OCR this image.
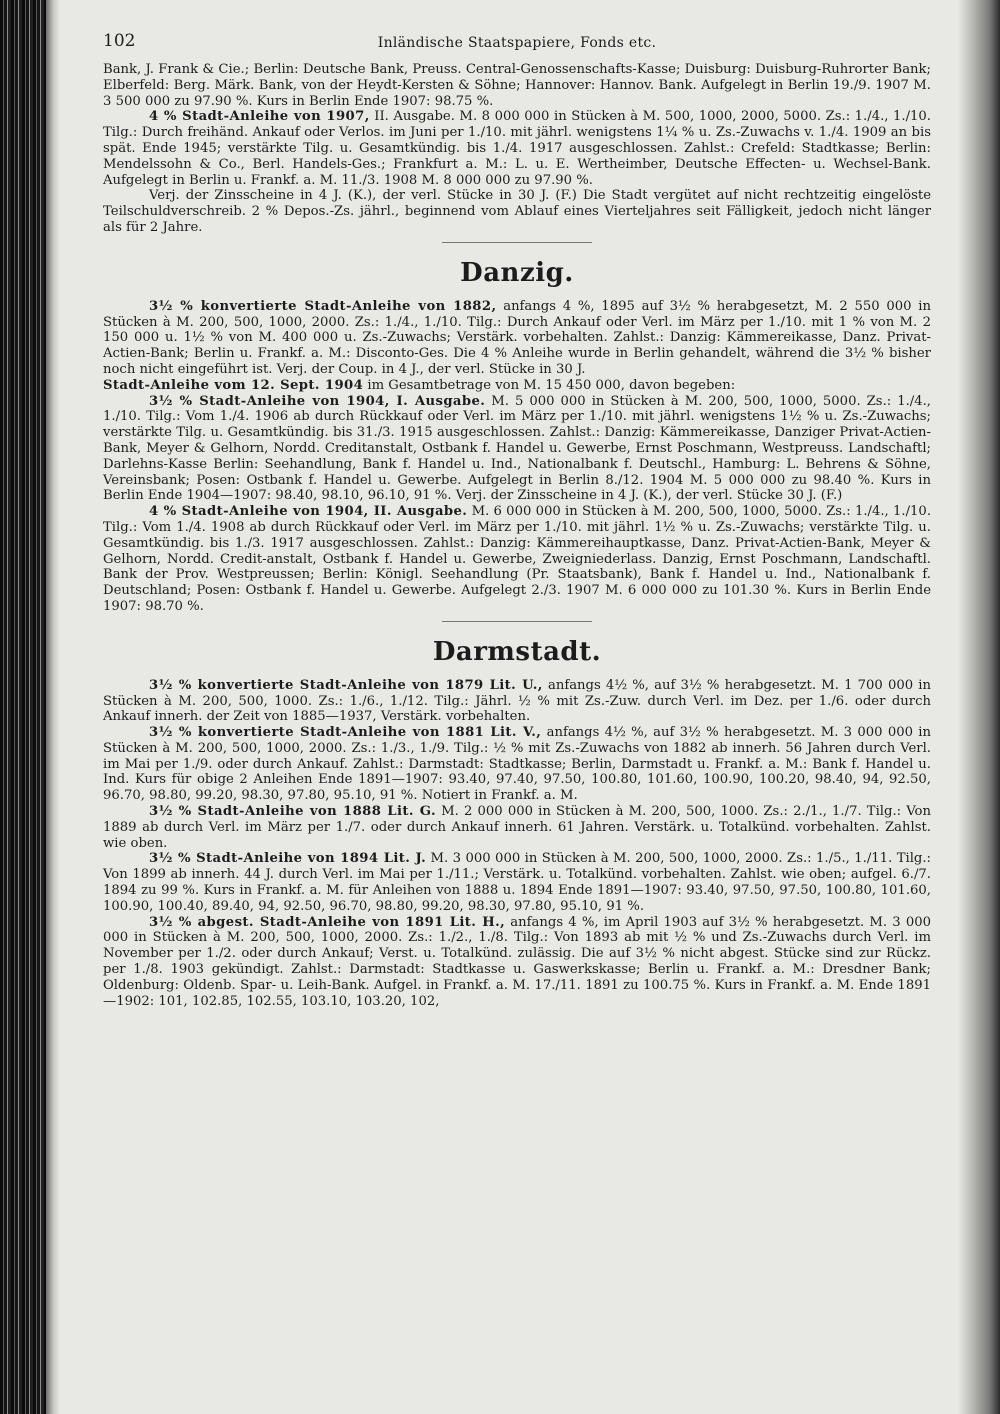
102	Inländische Staatspapiere, Fonds etc.

Bank, J. Frank & Cie.; Berlin: Deutsche Bank, Preuss. Central-Genossenschafts-Kasse; Duisburg: Duisburg-Ruhrorter Bank; Elberfeld: Berg. Märk. Bank, von der Heydt-Kersten & Söhne; Hannover: Hannov. Bank. Aufgelegt in Berlin 19./9. 1907 M. 3 500 000 zu 97.90 %. Kurs in Berlin Ende 1907: 98.75 %.

4 % Stadt-Anleihe von 1907, II. Ausgabe. M. 8 000 000 in Stücken à M. 500, 1000, 2000, 5000. Zs.: 1./4., 1./10. Tilg.: Durch freihänd. Ankauf oder Verlos. im Juni per 1./10. mit jährl. wenigstens 1¼ % u. Zs.-Zuwachs v. 1./4. 1909 an bis spät. Ende 1945; verstärkte Tilg. u. Gesamtkündig. bis 1./4. 1917 ausgeschlossen. Zahlst.: Crefeld: Stadtkasse; Berlin: Mendelssohn & Co., Berl. Handels-Ges.; Frankfurt a. M.: L. u. E. Wertheimber, Deutsche Effecten- u. Wechsel-Bank. Aufgelegt in Berlin u. Frankf. a. M. 11./3. 1908 M. 8 000 000 zu 97.90 %.

Verj. der Zinsscheine in 4 J. (K.), der verl. Stücke in 30 J. (F.) Die Stadt vergütet auf nicht rechtzeitig eingelöste Teilschuldverschreib. 2 % Depos.-Zs. jährl., beginnend vom Ablauf eines Vierteljahres seit Fälligkeit, jedoch nicht länger als für 2 Jahre.

Danzig.

3½ % konvertierte Stadt-Anleihe von 1882, anfangs 4 %, 1895 auf 3½ % herabgesetzt, M. 2 550 000 in Stücken à M. 200, 500, 1000, 2000. Zs.: 1./4., 1./10. Tilg.: Durch Ankauf oder Verl. im März per 1./10. mit 1 % von M. 2 150 000 u. 1½ % von M. 400 000 u. Zs.-Zuwachs; Verstärk. vorbehalten. Zahlst.: Danzig: Kämmereikasse, Danz. Privat-Actien-Bank; Berlin u. Frankf. a. M.: Disconto-Ges. Die 4 % Anleihe wurde in Berlin gehandelt, während die 3½ % bisher noch nicht eingeführt ist. Verj. der Coup. in 4 J., der verl. Stücke in 30 J.

Stadt-Anleihe vom 12. Sept. 1904 im Gesamtbetrage von M. 15 450 000, davon begeben:

3½ % Stadt-Anleihe von 1904, I. Ausgabe. M. 5 000 000 in Stücken à M. 200, 500, 1000, 5000. Zs.: 1./4., 1./10. Tilg.: Vom 1./4. 1906 ab durch Rückkauf oder Verl. im März per 1./10. mit jährl. wenigstens 1½ % u. Zs.-Zuwachs; verstärkte Tilg. u. Gesamtkündig. bis 31./3. 1915 ausgeschlossen. Zahlst.: Danzig: Kämmereikasse, Danziger Privat-Actien-Bank, Meyer & Gelhorn, Nordd. Creditanstalt, Ostbank f. Handel u. Gewerbe, Ernst Poschmann, Westpreuss. Landschaftl; Darlehns-Kasse Berlin: Seehandlung, Bank f. Handel u. Ind., Nationalbank f. Deutschl., Hamburg: L. Behrens & Söhne, Vereinsbank; Posen: Ostbank f. Handel u. Gewerbe. Aufgelegt in Berlin 8./12. 1904 M. 5 000 000 zu 98.40 %. Kurs in Berlin Ende 1904—1907: 98.40, 98.10, 96.10, 91 %. Verj. der Zinsscheine in 4 J. (K.), der verl. Stücke 30 J. (F.)

4 % Stadt-Anleihe von 1904, II. Ausgabe. M. 6 000 000 in Stücken à M. 200, 500, 1000, 5000. Zs.: 1./4., 1./10. Tilg.: Vom 1./4. 1908 ab durch Rückkauf oder Verl. im März per 1./10. mit jährl. 1½ % u. Zs.-Zuwachs; verstärkte Tilg. u. Gesamtkündig. bis 1./3. 1917 ausgeschlossen. Zahlst.: Danzig: Kämmereihauptkasse, Danz. Privat-Actien-Bank, Meyer & Gelhorn, Nordd. Credit-anstalt, Ostbank f. Handel u. Gewerbe, Zweigniederlass. Danzig, Ernst Poschmann, Landschaftl. Bank der Prov. Westpreussen; Berlin: Königl. Seehandlung (Pr. Staatsbank), Bank f. Handel u. Ind., Nationalbank f. Deutschland; Posen: Ostbank f. Handel u. Gewerbe. Aufgelegt 2./3. 1907 M. 6 000 000 zu 101.30 %. Kurs in Berlin Ende 1907: 98.70 %.

Darmstadt.

3½ % konvertierte Stadt-Anleihe von 1879 Lit. U., anfangs 4½ %, auf 3½ % herabgesetzt. M. 1 700 000 in Stücken à M. 200, 500, 1000. Zs.: 1./6., 1./12. Tilg.: Jährl. ½ % mit Zs.-Zuw. durch Verl. im Dez. per 1./6. oder durch Ankauf innerh. der Zeit von 1885—1937, Verstärk. vorbehalten.

3½ % konvertierte Stadt-Anleihe von 1881 Lit. V., anfangs 4½ %, auf 3½ % herabgesetzt. M. 3 000 000 in Stücken à M. 200, 500, 1000, 2000. Zs.: 1./3., 1./9. Tilg.: ½ % mit Zs.-Zuwachs von 1882 ab innerh. 56 Jahren durch Verl. im Mai per 1./9. oder durch Ankauf. Zahlst.: Darmstadt: Stadtkasse; Berlin, Darmstadt u. Frankf. a. M.: Bank f. Handel u. Ind. Kurs für obige 2 Anleihen Ende 1891—1907: 93.40, 97.40, 97.50, 100.80, 101.60, 100.90, 100.20, 98.40, 94, 92.50, 96.70, 98.80, 99.20, 98.30, 97.80, 95.10, 91 %. Notiert in Frankf. a. M.

3½ % Stadt-Anleihe von 1888 Lit. G. M. 2 000 000 in Stücken à M. 200, 500, 1000. Zs.: 2./1., 1./7. Tilg.: Von 1889 ab durch Verl. im März per 1./7. oder durch Ankauf innerh. 61 Jahren. Verstärk. u. Totalkünd. vorbehalten. Zahlst. wie oben.

3½ % Stadt-Anleihe von 1894 Lit. J. M. 3 000 000 in Stücken à M. 200, 500, 1000, 2000. Zs.: 1./5., 1./11. Tilg.: Von 1899 ab innerh. 44 J. durch Verl. im Mai per 1./11.; Verstärk. u. Totalkünd. vorbehalten. Zahlst. wie oben; aufgel. 6./7. 1894 zu 99 %. Kurs in Frankf. a. M. für Anleihen von 1888 u. 1894 Ende 1891—1907: 93.40, 97.50, 97.50, 100.80, 101.60, 100.90, 100.40, 89.40, 94, 92.50, 96.70, 98.80, 99.20, 98.30, 97.80, 95.10, 91 %.

3½ % abgest. Stadt-Anleihe von 1891 Lit. H., anfangs 4 %, im April 1903 auf 3½ % herabgesetzt. M. 3 000 000 in Stücken à M. 200, 500, 1000, 2000. Zs.: 1./2., 1./8. Tilg.: Von 1893 ab mit ½ % und Zs.-Zuwachs durch Verl. im November per 1./2. oder durch Ankauf; Verst. u. Totalkünd. zulässig. Die auf 3½ % nicht abgest. Stücke sind zur Rückz. per 1./8. 1903 gekündigt. Zahlst.: Darmstadt: Stadtkasse u. Gaswerkskasse; Berlin u. Frankf. a. M.: Dresdner Bank; Oldenburg: Oldenb. Spar- u. Leih-Bank. Aufgel. in Frankf. a. M. 17./11. 1891 zu 100.75 %. Kurs in Frankf. a. M. Ende 1891—1902: 101, 102.85, 102.55, 103.10, 103.20, 102,
